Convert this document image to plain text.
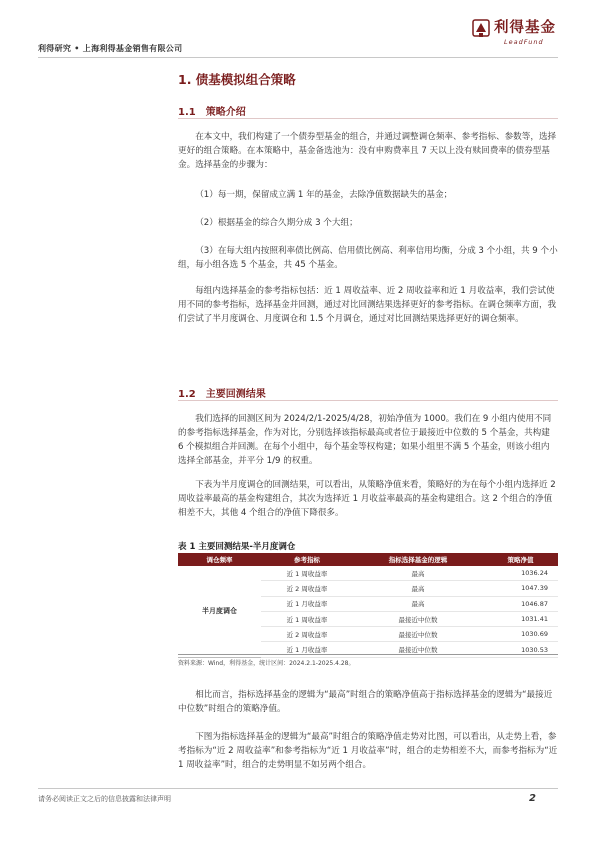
利得研究 • 上海利得基金销售有限公司
利得基金
LeadFund
1. 债基模拟组合策略
1.1　策略介绍

在本文中，我们构建了一个债券型基金的组合，并通过调整调仓频率、参考指标、参数等，选择更好的组合策略。在本策略中，基金备选池为：没有申购费率且 7 天以上没有赎回费率的债券型基金。选择基金的步骤为：

（1）每一期，保留成立满 1 年的基金，去除净值数据缺失的基金；

（2）根据基金的综合久期分成 3 个大组；

（3）在每大组内按照利率债比例高、信用债比例高、利率信用均衡，分成 3 个小组，共 9 个小组，每小组各选 5 个基金，共 45 个基金。

每组内选择基金的参考指标包括：近 1 周收益率、近 2 周收益率和近 1 月收益率，我们尝试使用不同的参考指标，选择基金并回测，通过对比回测结果选择更好的参考指标。在调仓频率方面，我们尝试了半月度调仓、月度调仓和 1.5 个月调仓，通过对比回测结果选择更好的调仓频率。

1.2　主要回测结果

我们选择的回测区间为 2024/2/1-2025/4/28，初始净值为 1000。我们在 9 小组内使用不同的参考指标选择基金，作为对比，分别选择该指标最高或者位于最接近中位数的 5 个基金，共构建 6 个模拟组合并回测。在每个小组中，每个基金等权构建；如果小组里不满 5 个基金，则该小组内选择全部基金，并平分 1/9 的权重。

下表为半月度调仓的回测结果，可以看出，从策略净值来看，策略好的为在每个小组内选择近 2 周收益率最高的基金构建组合，其次为选择近 1 月收益率最高的基金构建组合。这 2 个组合的净值相差不大，其他 4 个组合的净值下降很多。

表 1 主要回测结果-半月度调仓
调仓频率	参考指标	指标选择基金的逻辑	策略净值
半月度调仓	近 1 周收益率	最高	1036.24
	近 2 周收益率	最高	1047.39
	近 1 月收益率	最高	1046.87
	近 1 周收益率	最接近中位数	1031.41
	近 2 周收益率	最接近中位数	1030.69
	近 1 月收益率	最接近中位数	1030.53
资料来源：Wind，利得基金，统计区间：2024.2.1-2025.4.28。

相比而言，指标选择基金的逻辑为“最高”时组合的策略净值高于指标选择基金的逻辑为“最接近中位数”时组合的策略净值。

下图为指标选择基金的逻辑为“最高”时组合的策略净值走势对比图，可以看出，从走势上看，参考指标为“近 2 周收益率”和参考指标为“近 1 月收益率”时，组合的走势相差不大，而参考指标为“近 1 周收益率”时，组合的走势明显不如另两个组合。

请务必阅读正文之后的信息披露和法律声明	2
